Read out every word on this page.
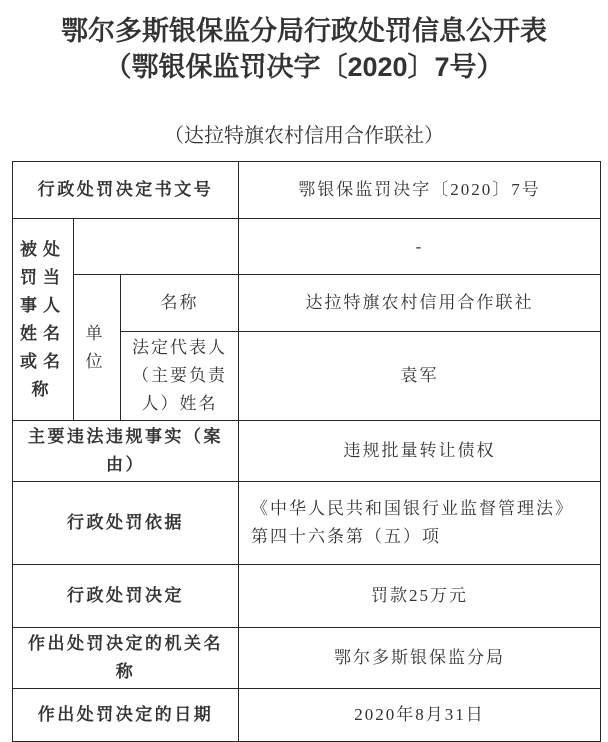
鄂尔多斯银保监分局行政处罚信息公开表
（鄂银保监罚决字〔2020〕7号）
（达拉特旗农村信用合作联社）
行政处罚决定书文号			鄂银保监罚决字〔2020〕7号
被处罚当事人姓名或名称			-
	单位	名称	达拉特旗农村信用合作联社
		法定代表人（主要负责人）姓名	袁军
主要违法违规事实（案由）			违规批量转让债权
行政处罚依据			《中华人民共和国银行业监督管理法》第四十六条第（五）项
行政处罚决定			罚款25万元
作出处罚决定的机关名称			鄂尔多斯银保监分局
作出处罚决定的日期			2020年8月31日
